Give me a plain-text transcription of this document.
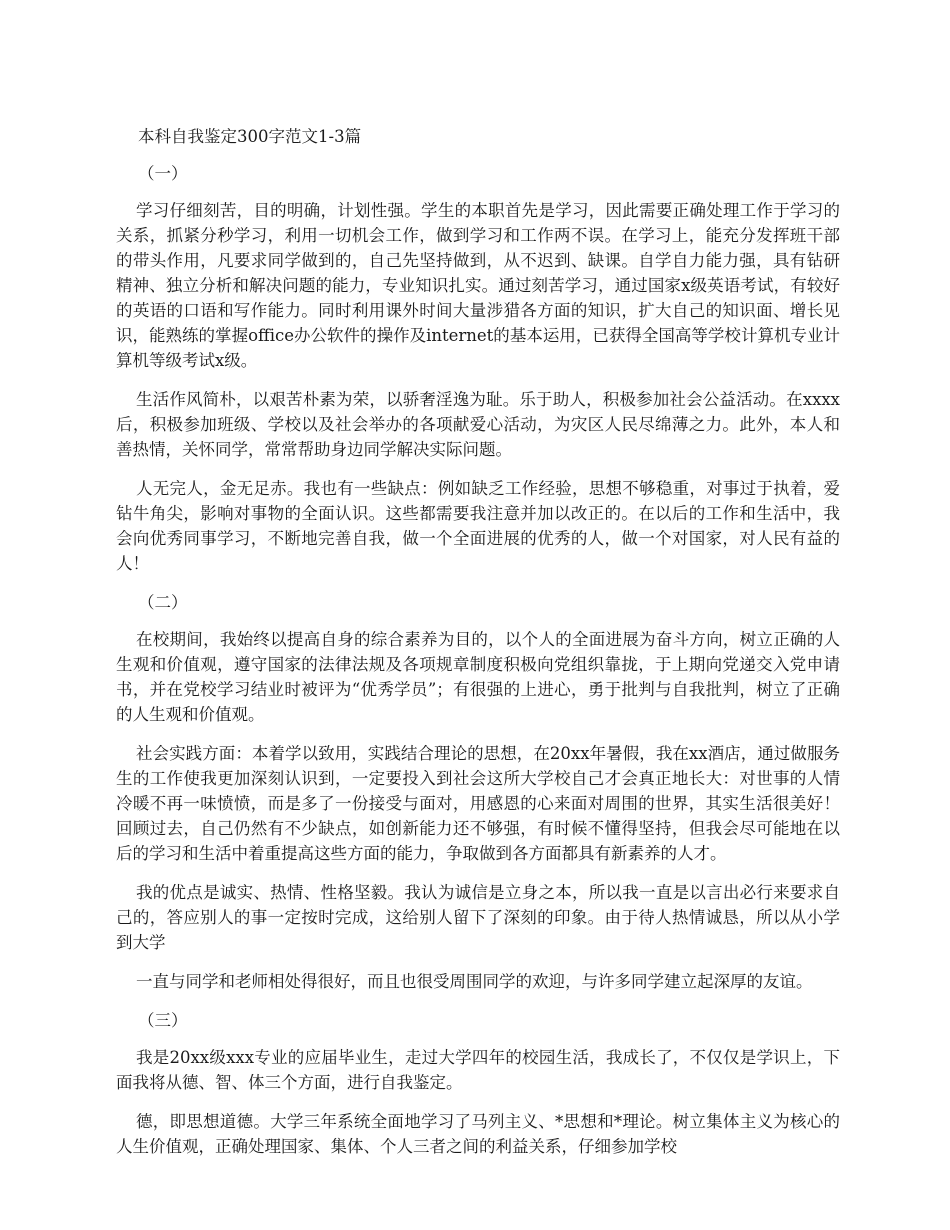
本科自我鉴定300字范文1-3篇
（一）

学习仔细刻苦，目的明确，计划性强。学生的本职首先是学习，因此需要正确处理工作于学习的关系，抓紧分秒学习，利用一切机会工作，做到学习和工作两不误。在学习上，能充分发挥班干部的带头作用，凡要求同学做到的，自己先坚持做到，从不迟到、缺课。自学自力能力强，具有钻研精神、独立分析和解决问题的能力，专业知识扎实。通过刻苦学习，通过国家x级英语考试，有较好的英语的口语和写作能力。同时利用课外时间大量涉猎各方面的知识，扩大自己的知识面、增长见识，能熟练的掌握office办公软件的操作及internet的基本运用，已获得全国高等学校计算机专业计算机等级考试x级。

生活作风简朴，以艰苦朴素为荣，以骄奢淫逸为耻。乐于助人，积极参加社会公益活动。在xxxx后，积极参加班级、学校以及社会举办的各项献爱心活动，为灾区人民尽绵薄之力。此外，本人和善热情，关怀同学，常常帮助身边同学解决实际问题。

人无完人，金无足赤。我也有一些缺点：例如缺乏工作经验，思想不够稳重，对事过于执着，爱钻牛角尖，影响对事物的全面认识。这些都需要我注意并加以改正的。在以后的工作和生活中，我会向优秀同事学习，不断地完善自我，做一个全面进展的优秀的人，做一个对国家，对人民有益的人！

（二）

在校期间，我始终以提高自身的综合素养为目的，以个人的全面进展为奋斗方向，树立正确的人生观和价值观，遵守国家的法律法规及各项规章制度积极向党组织靠拢，于上期向党递交入党申请书，并在党校学习结业时被评为“优秀学员”；有很强的上进心，勇于批判与自我批判，树立了正确的人生观和价值观。

社会实践方面：本着学以致用，实践结合理论的思想，在20xx年暑假，我在xx酒店，通过做服务生的工作使我更加深刻认识到，一定要投入到社会这所大学校自己才会真正地长大：对世事的人情冷暖不再一味愤愤，而是多了一份接受与面对，用感恩的心来面对周围的世界，其实生活很美好！回顾过去，自己仍然有不少缺点，如创新能力还不够强，有时候不懂得坚持，但我会尽可能地在以后的学习和生活中着重提高这些方面的能力，争取做到各方面都具有新素养的人才。

我的优点是诚实、热情、性格坚毅。我认为诚信是立身之本，所以我一直是以言出必行来要求自己的，答应别人的事一定按时完成，这给别人留下了深刻的印象。由于待人热情诚恳，所以从小学到大学

一直与同学和老师相处得很好，而且也很受周围同学的欢迎，与许多同学建立起深厚的友谊。

（三）

我是20xx级xxx专业的应届毕业生，走过大学四年的校园生活，我成长了，不仅仅是学识上，下面我将从德、智、体三个方面，进行自我鉴定。

德，即思想道德。大学三年系统全面地学习了马列主义、*思想和*理论。树立集体主义为核心的人生价值观，正确处理国家、集体、个人三者之间的利益关系，仔细参加学校
